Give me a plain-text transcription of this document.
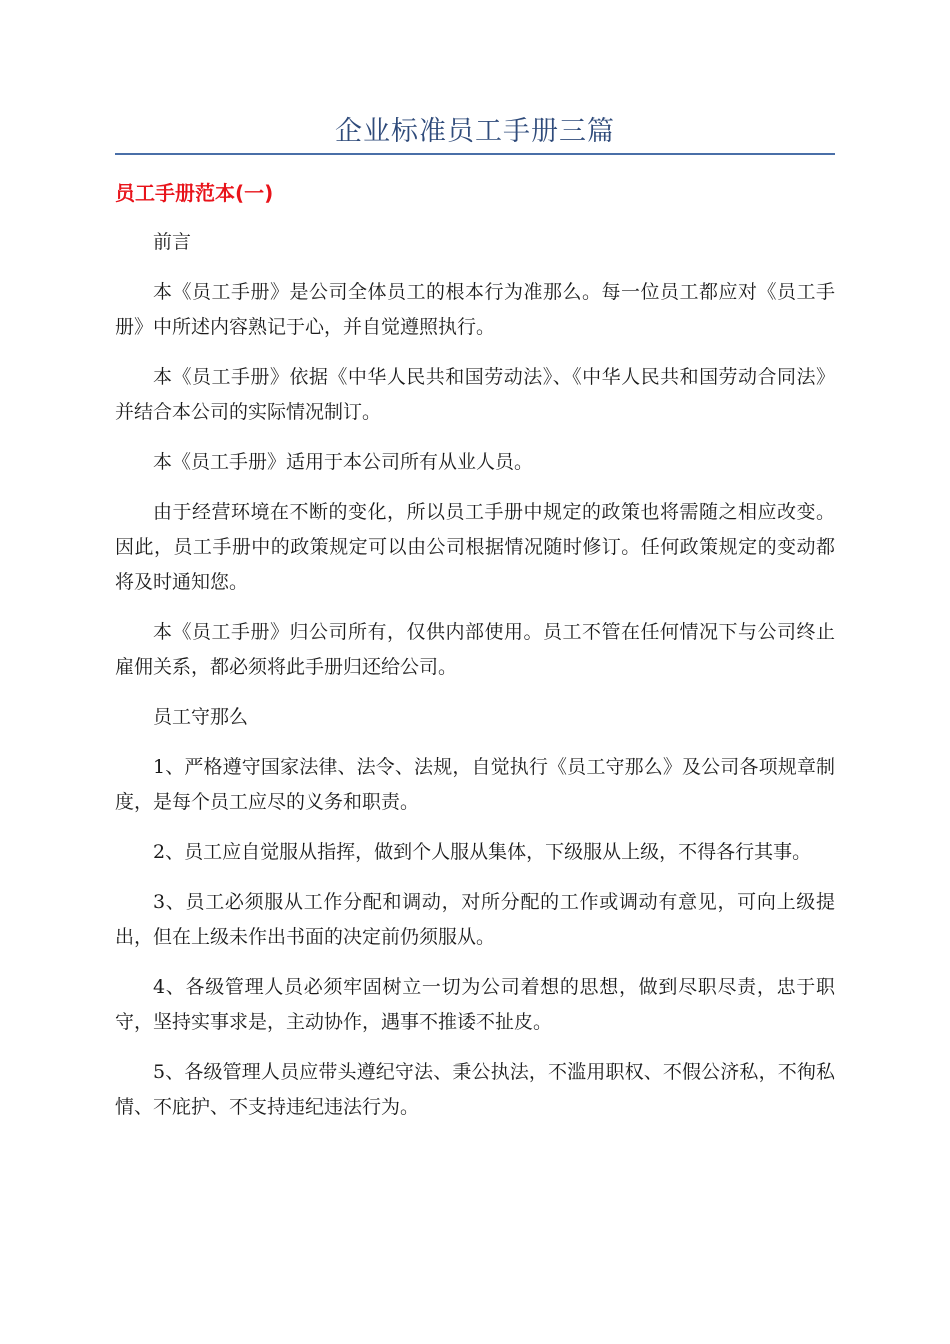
企业标准员工手册三篇
员工手册范本(一)

前言

本《员工手册》是公司全体员工的根本行为准那么。每一位员工都应对《员工手册》中所述内容熟记于心，并自觉遵照执行。

本《员工手册》依据《中华人民共和国劳动法》、《中华人民共和国劳动合同法》并结合本公司的实际情况制订。

本《员工手册》适用于本公司所有从业人员。

由于经营环境在不断的变化，所以员工手册中规定的政策也将需随之相应改变。因此，员工手册中的政策规定可以由公司根据情况随时修订。任何政策规定的变动都将及时通知您。

本《员工手册》归公司所有，仅供内部使用。员工不管在任何情况下与公司终止雇佣关系，都必须将此手册归还给公司。

员工守那么

1、严格遵守国家法律、法令、法规，自觉执行《员工守那么》及公司各项规章制度，是每个员工应尽的义务和职责。

2、员工应自觉服从指挥，做到个人服从集体，下级服从上级，不得各行其事。

3、员工必须服从工作分配和调动，对所分配的工作或调动有意见，可向上级提出，但在上级未作出书面的决定前仍须服从。

4、各级管理人员必须牢固树立一切为公司着想的思想，做到尽职尽责，忠于职守，坚持实事求是，主动协作，遇事不推诿不扯皮。

5、各级管理人员应带头遵纪守法、秉公执法，不滥用职权、不假公济私，不徇私情、不庇护、不支持违纪违法行为。
